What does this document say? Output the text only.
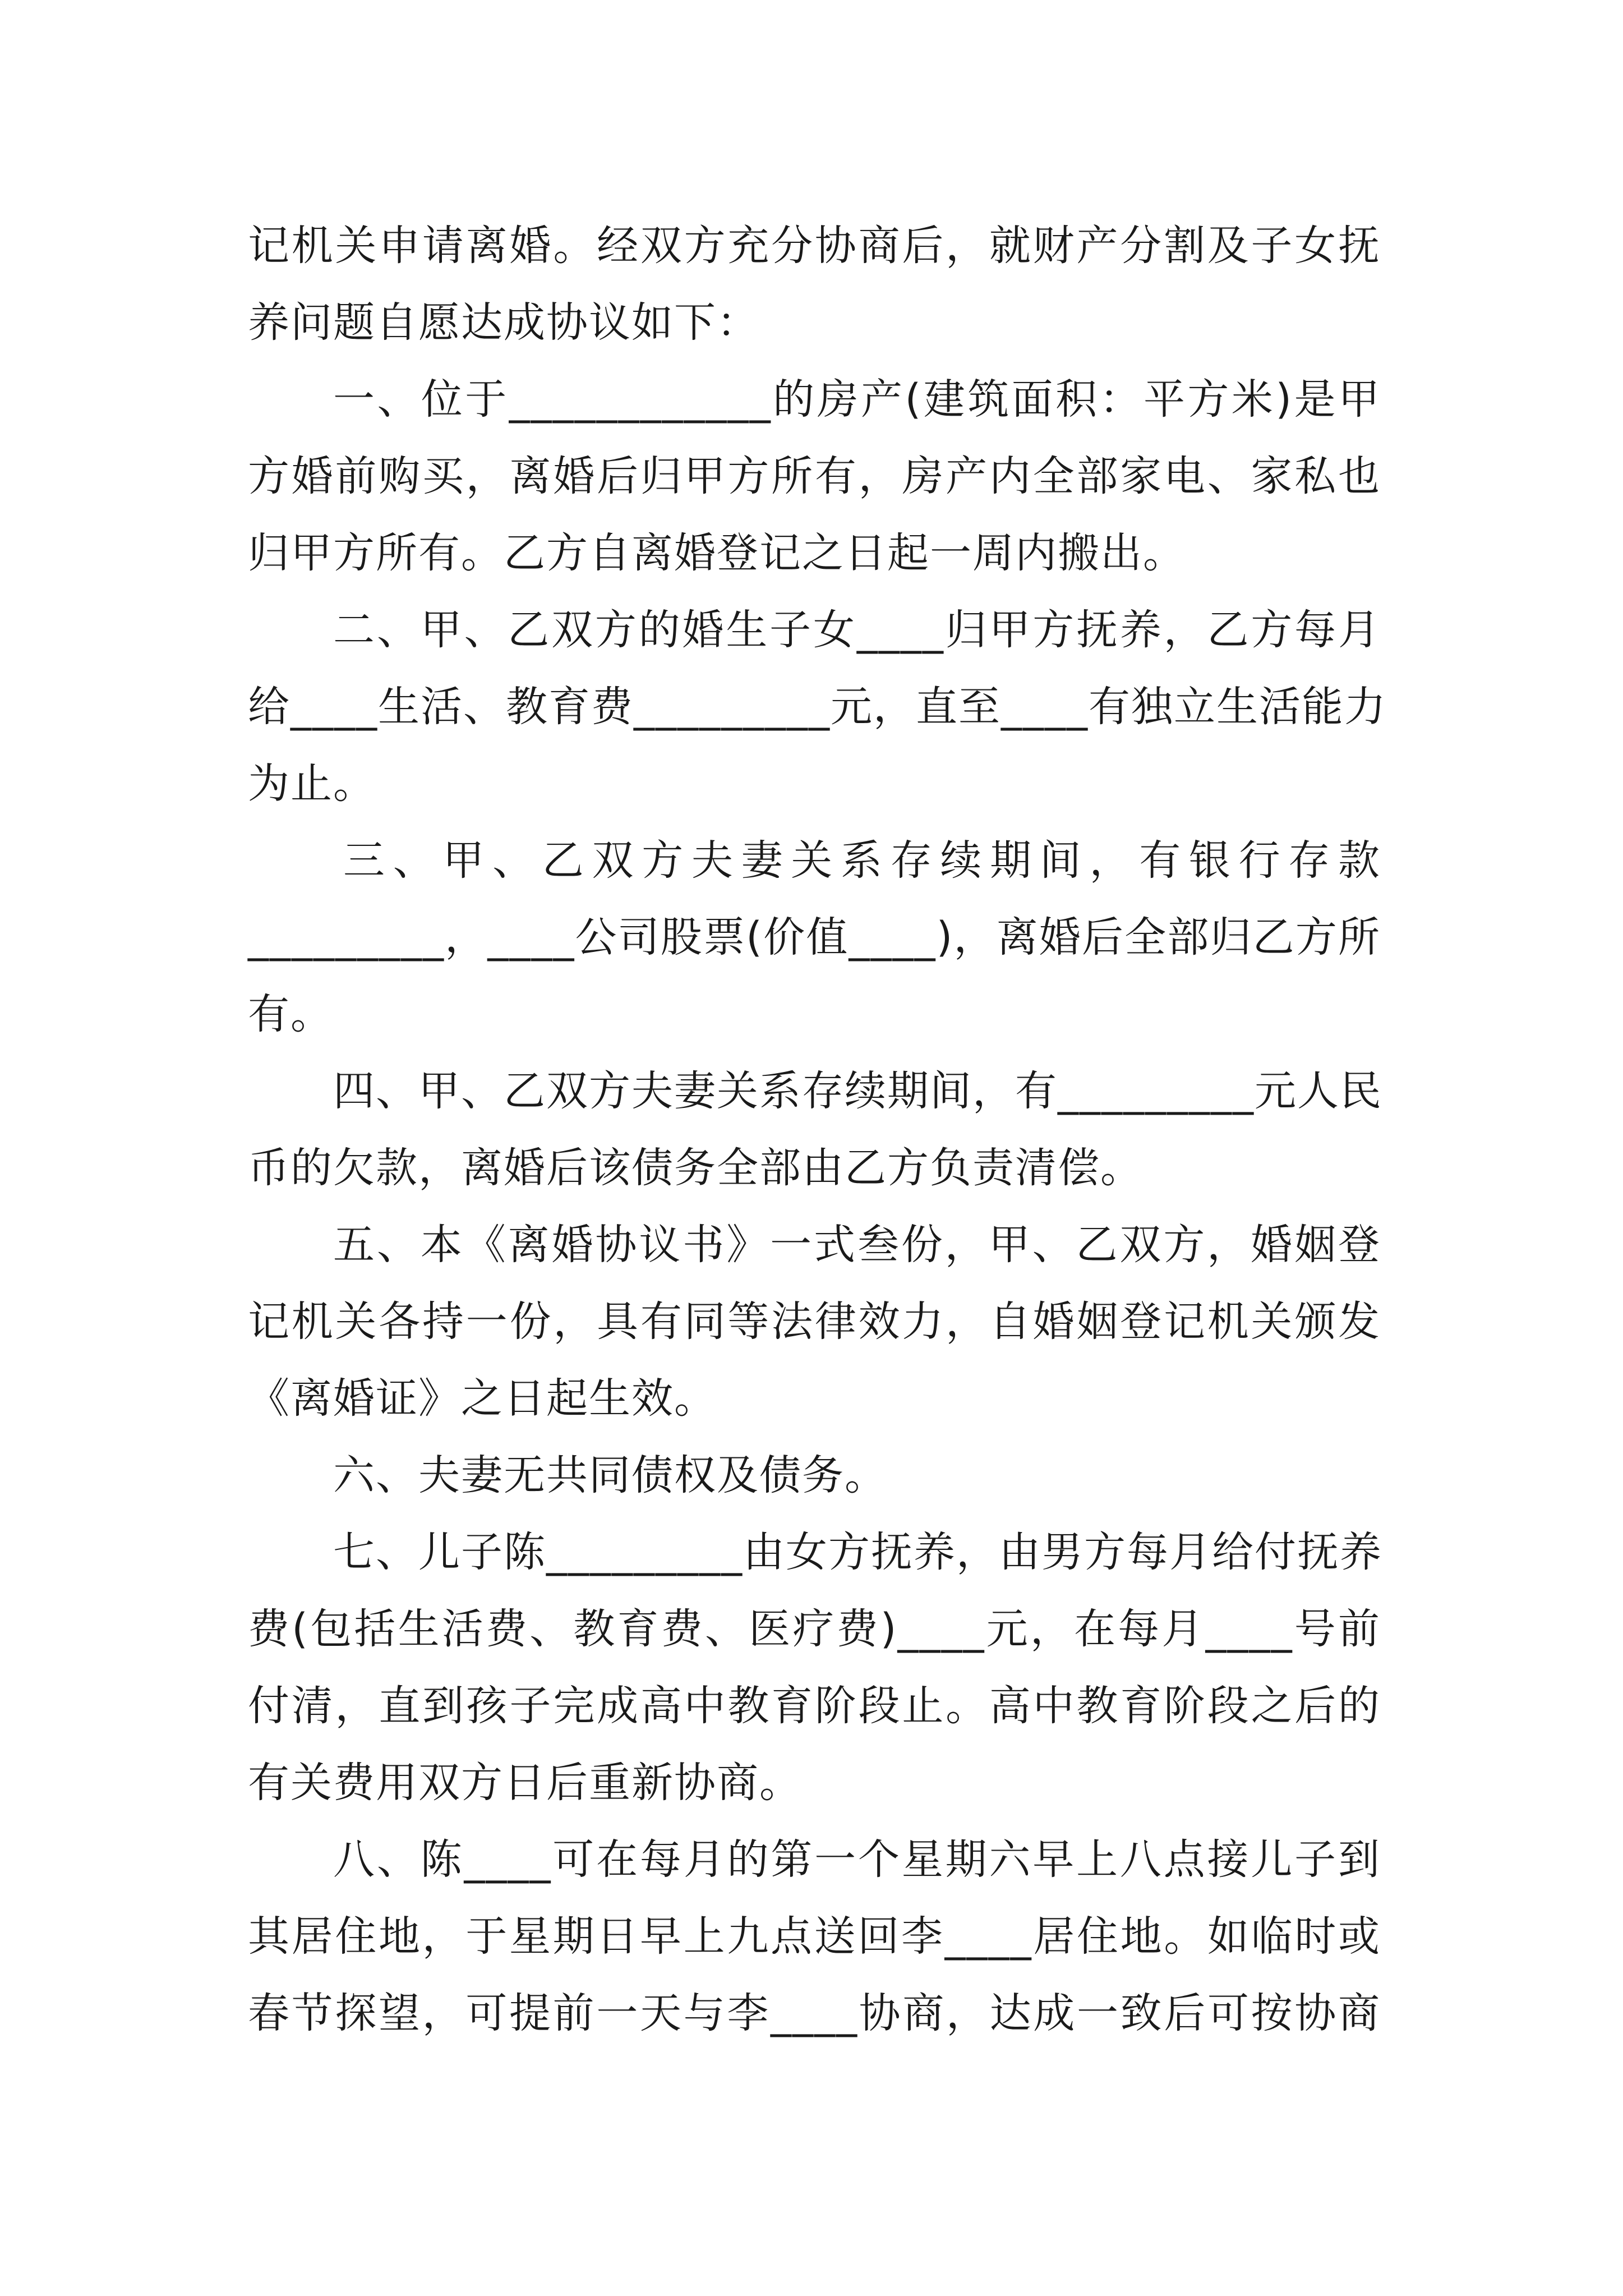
记机关申请离婚。经双方充分协商后，就财产分割及子女抚
养问题自愿达成协议如下：
一、位于____________的房产(建筑面积：平方米)是甲
方婚前购买，离婚后归甲方所有，房产内全部家电、家私也
归甲方所有。乙方自离婚登记之日起一周内搬出。
二、甲、乙双方的婚生子女____归甲方抚养，乙方每月
给____生活、教育费_________元，直至____有独立生活能力
为止。
三、甲、乙双方夫妻关系存续期间，有银行存款
_________，____公司股票(价值____)，离婚后全部归乙方所
有。
四、甲、乙双方夫妻关系存续期间，有_________元人民
币的欠款，离婚后该债务全部由乙方负责清偿。
五、本《离婚协议书》一式叁份，甲、乙双方，婚姻登
记机关各持一份，具有同等法律效力，自婚姻登记机关颁发
《离婚证》之日起生效。
六、夫妻无共同债权及债务。
七、儿子陈_________由女方抚养，由男方每月给付抚养
费(包括生活费、教育费、医疗费)____元，在每月____号前
付清，直到孩子完成高中教育阶段止。高中教育阶段之后的
有关费用双方日后重新协商。
八、陈____可在每月的第一个星期六早上八点接儿子到
其居住地，于星期日早上九点送回李____居住地。如临时或
春节探望，可提前一天与李____协商，达成一致后可按协商
